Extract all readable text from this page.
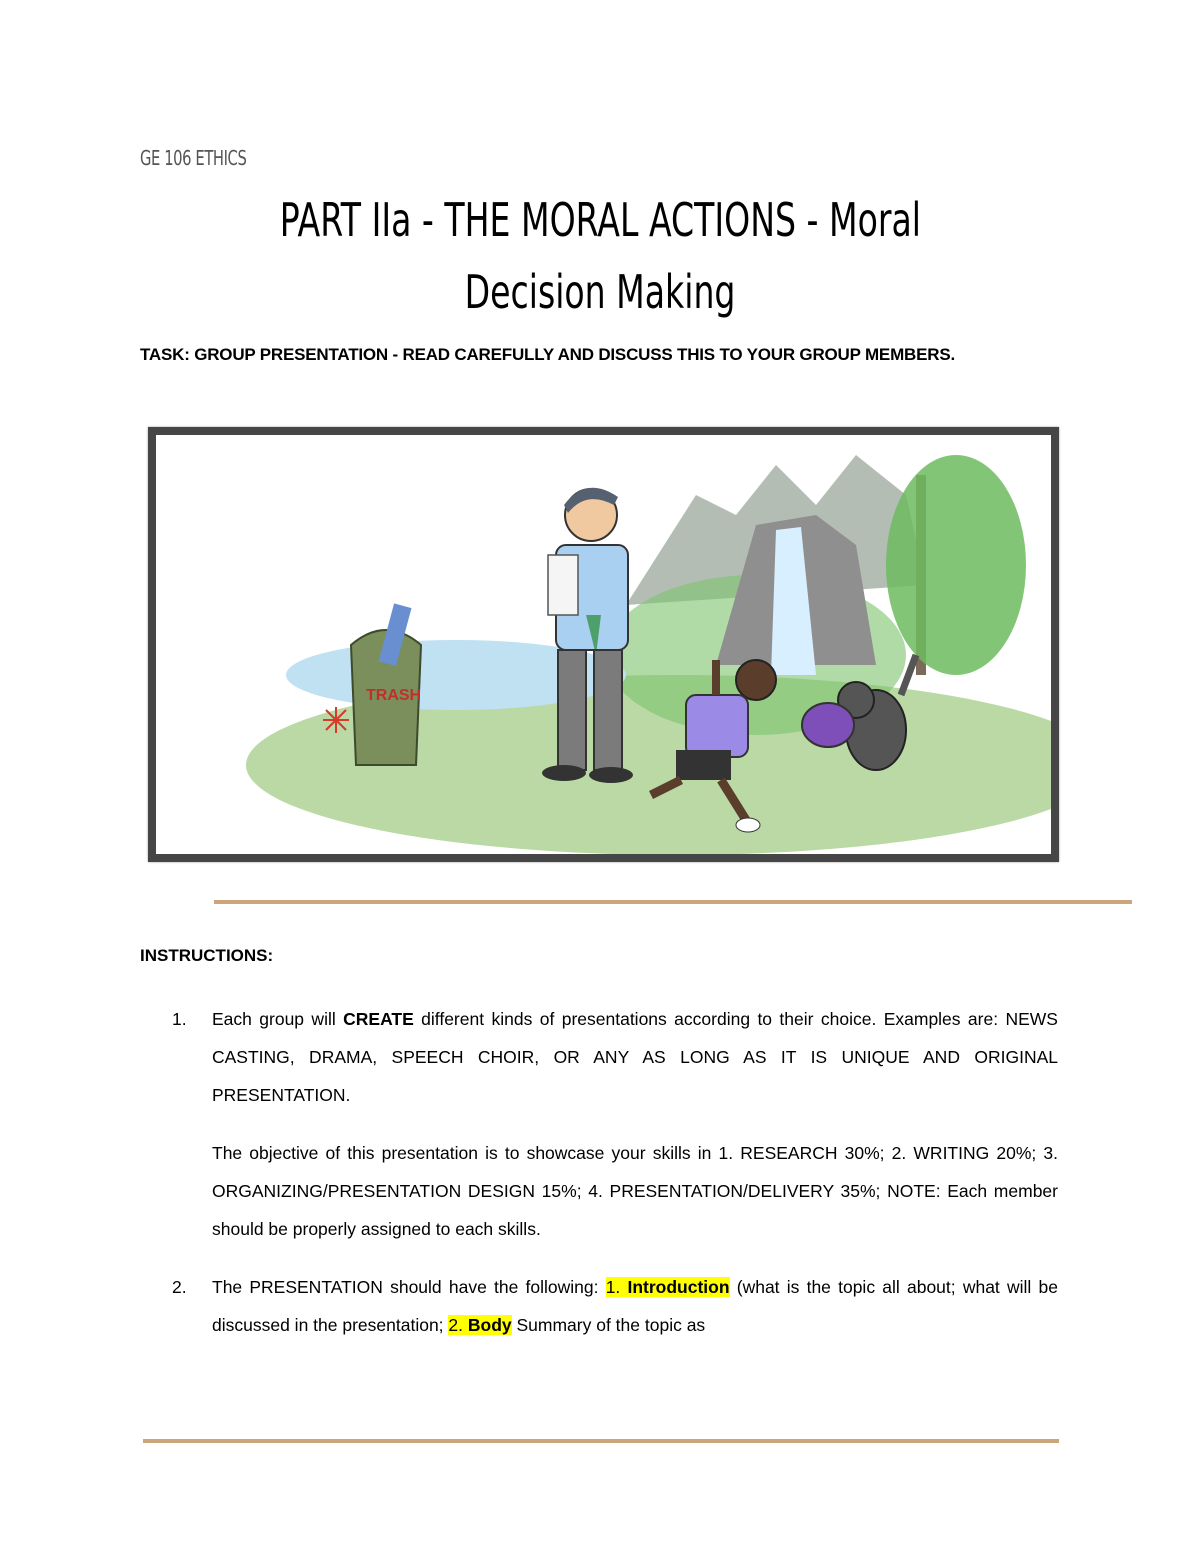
GE 106 ETHICS
PART IIa - THE MORAL ACTIONS - Moral
Decision Making
TASK: GROUP PRESENTATION - READ CAREFULLY AND DISCUSS THIS TO YOUR GROUP MEMBERS.
TRASH
INSTRUCTIONS:
1. Each group will CREATE different kinds of presentations according to their choice. Examples are: NEWS CASTING, DRAMA, SPEECH CHOIR, OR ANY AS LONG AS IT IS UNIQUE AND ORIGINAL PRESENTATION.

The objective of this presentation is to showcase your skills in 1. RESEARCH 30%; 2. WRITING 20%; 3. ORGANIZING/PRESENTATION DESIGN 15%; 4. PRESENTATION/DELIVERY 35%; NOTE: Each member should be properly assigned to each skills.

2. The PRESENTATION should have the following: 1. Introduction (what is the topic all about; what will be discussed in the presentation; 2. Body Summary of the topic as
